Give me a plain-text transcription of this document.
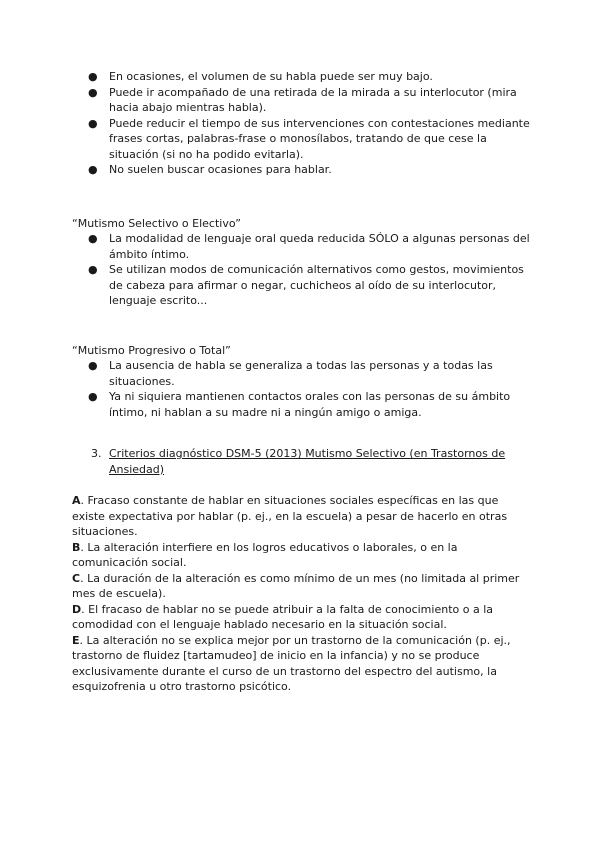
● En ocasiones, el volumen de su habla puede ser muy bajo.
● Puede ir acompañado de una retirada de la mirada a su interlocutor (mira hacia abajo mientras habla).
● Puede reducir el tiempo de sus intervenciones con contestaciones mediante frases cortas, palabras-frase o monosílabos, tratando de que cese la situación (si no ha podido evitarla).
● No suelen buscar ocasiones para hablar.

“Mutismo Selectivo o Electivo”

● La modalidad de lenguaje oral queda reducida SÓLO a algunas personas del ámbito íntimo.
● Se utilizan modos de comunicación alternativos como gestos, movimientos de cabeza para afirmar o negar, cuchicheos al oído de su interlocutor, lenguaje escrito...

“Mutismo Progresivo o Total”

● La ausencia de habla se generaliza a todas las personas y a todas las situaciones.
● Ya ni siquiera mantienen contactos orales con las personas de su ámbito íntimo, ni hablan a su madre ni a ningún amigo o amiga.
3. Criterios diagnóstico DSM-5 (2013) Mutismo Selectivo (en Trastornos de Ansiedad)

A. Fracaso constante de hablar en situaciones sociales específicas en las que existe expectativa por hablar (p. ej., en la escuela) a pesar de hacerlo en otras situaciones.

B. La alteración interfiere en los logros educativos o laborales, o en la comunicación social.

C. La duración de la alteración es como mínimo de un mes (no limitada al primer mes de escuela).

D. El fracaso de hablar no se puede atribuir a la falta de conocimiento o a la comodidad con el lenguaje hablado necesario en la situación social.

E. La alteración no se explica mejor por un trastorno de la comunicación (p. ej., trastorno de fluidez [tartamudeo] de inicio en la infancia) y no se produce exclusivamente durante el curso de un trastorno del espectro del autismo, la esquizofrenia u otro trastorno psicótico.
